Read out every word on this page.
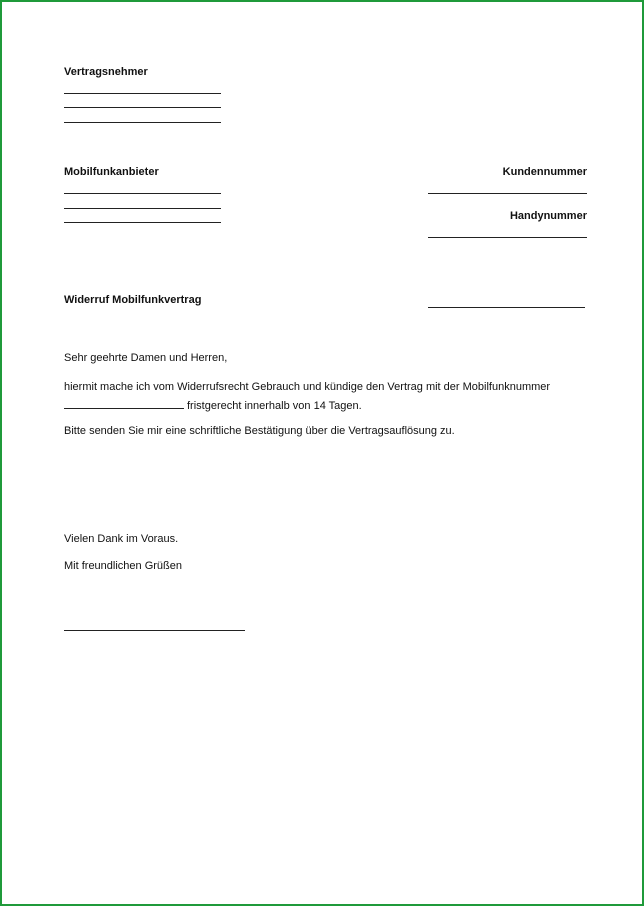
Vertragsnehmer
Mobilfunkanbieter	Kundennummer
Handynummer
Widerruf Mobilfunkvertrag
Sehr geehrte Damen und Herren,
hiermit mache ich vom Widerrufsrecht Gebrauch und kündige den Vertrag mit der Mobilfunknummer
fristgerecht innerhalb von 14 Tagen.
Bitte senden Sie mir eine schriftliche Bestätigung über die Vertragsauflösung zu.
Vielen Dank im Voraus.
Mit freundlichen Grüßen
